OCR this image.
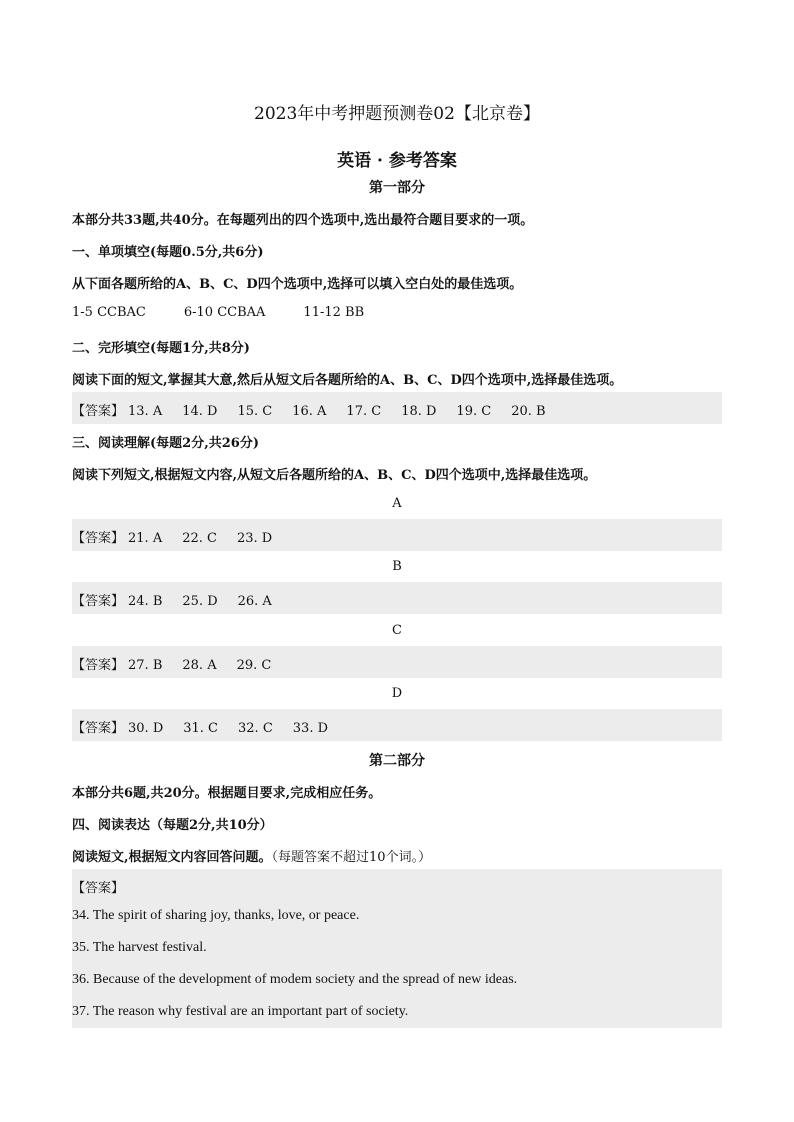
2023年中考押题预测卷02【北京卷】
英语 · 参考答案
第一部分
本部分共33题,共40分。在每题列出的四个选项中,选出最符合题目要求的一项。
一、单项填空(每题0.5分,共6分)
从下面各题所给的A、B、C、D四个选项中,选择可以填入空白处的最佳选项。
1-5 CCBAC	6-10 CCBAA	11-12 BB
二、完形填空(每题1分,共8分)
阅读下面的短文,掌握其大意,然后从短文后各题所给的A、B、C、D四个选项中,选择最佳选项。
【答案】 13. A 14. D 15. C 16. A 17. C 18. D 19. C 20. B
三、阅读理解(每题2分,共26分)
阅读下列短文,根据短文内容,从短文后各题所给的A、B、C、D四个选项中,选择最佳选项。
A
【答案】 21. A 22. C 23. D
B
【答案】 24. B 25. D 26. A
C
【答案】 27. B 28. A 29. C
D
【答案】 30. D 31. C 32. C 33. D
第二部分
本部分共6题,共20分。根据题目要求,完成相应任务。
四、阅读表达（每题2分,共10分）
阅读短文,根据短文内容回答问题。（每题答案不超过10个词。）
【答案】
34. The spirit of sharing joy, thanks, love, or peace.
35. The harvest festival.
36. Because of the development of modem society and the spread of new ideas.
37. The reason why festival are an important part of society.
